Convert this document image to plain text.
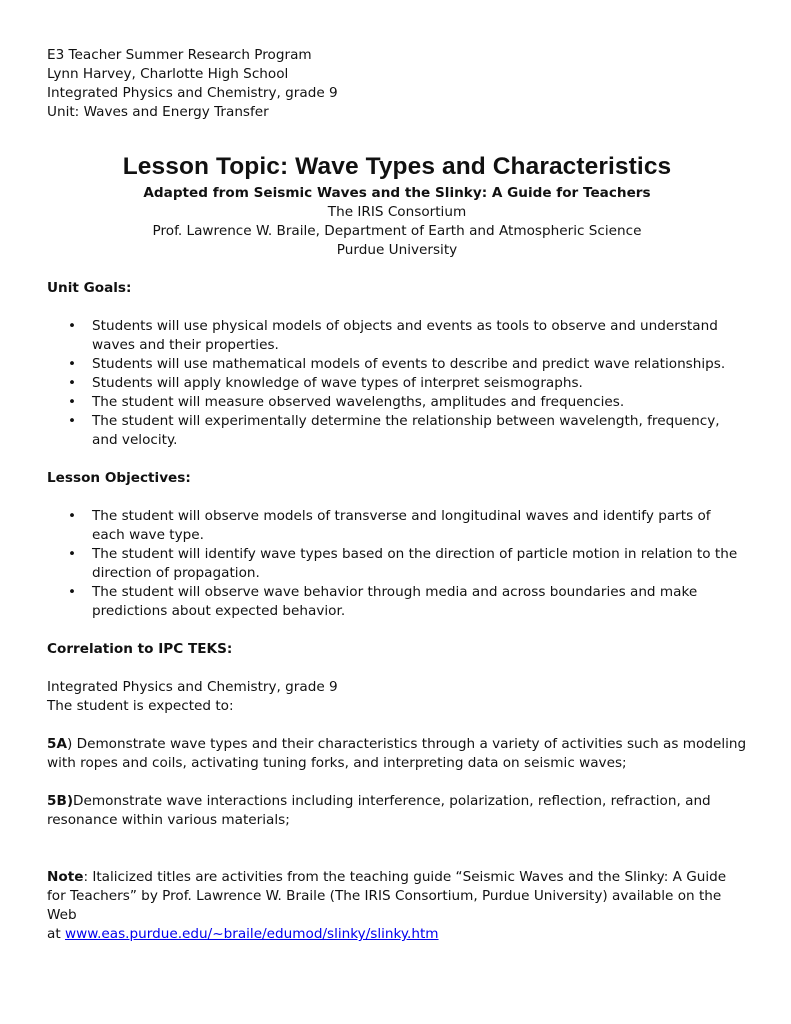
E3 Teacher Summer Research Program

Lynn Harvey, Charlotte High School

Integrated Physics and Chemistry, grade 9

Unit: Waves and Energy Transfer

Lesson Topic: Wave Types and Characteristics

Adapted from Seismic Waves and the Slinky: A Guide for Teachers

The IRIS Consortium

Prof. Lawrence W. Braile, Department of Earth and Atmospheric Science

Purdue University

Unit Goals:

• Students will use physical models of objects and events as tools to observe and understand waves and their properties.
• Students will use mathematical models of events to describe and predict wave relationships.
• Students will apply knowledge of wave types of interpret seismographs.
• The student will measure observed wavelengths, amplitudes and frequencies.
• The student will experimentally determine the relationship between wavelength, frequency, and velocity.

Lesson Objectives:

• The student will observe models of transverse and longitudinal waves and identify parts of each wave type.
• The student will identify wave types based on the direction of particle motion in relation to the direction of propagation.
• The student will observe wave behavior through media and across boundaries and make predictions about expected behavior.

Correlation to IPC TEKS:

Integrated Physics and Chemistry, grade 9

The student is expected to:

5A) Demonstrate wave types and their characteristics through a variety of activities such as modeling with ropes and coils, activating tuning forks, and interpreting data on seismic waves;

5B)Demonstrate wave interactions including interference, polarization, reflection, refraction, and resonance within various materials;

Note: Italicized titles are activities from the teaching guide “Seismic Waves and the Slinky: A Guide for Teachers” by Prof. Lawrence W. Braile (The IRIS Consortium, Purdue University) available on the Web

at www.eas.purdue.edu/~braile/edumod/slinky/slinky.htm
